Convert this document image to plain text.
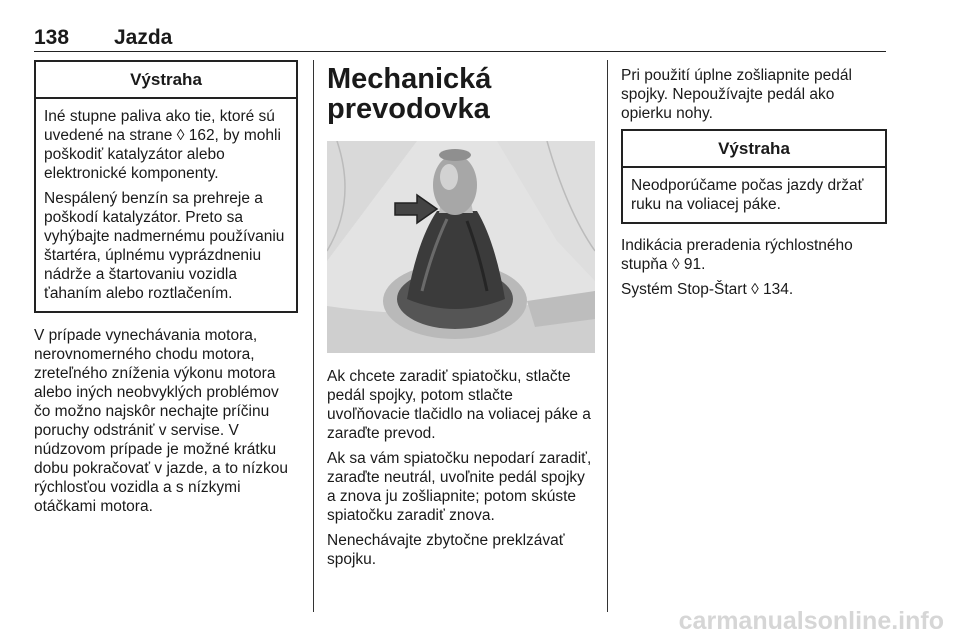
138 Jazda
Výstraha

Iné stupne paliva ako tie, ktoré sú uvedené na strane ◊ 162, by mohli poškodiť katalyzátor alebo elektronické komponenty.

Nespálený benzín sa prehreje a poškodí katalyzátor. Preto sa vyhýbajte nadmernému používaniu štartéra, úplnému vyprázdneniu nádrže a štartovaniu vozidla ťahaním alebo roztlačením.

V prípade vynechávania motora, nerovnomerného chodu motora, zreteľného zníženia výkonu motora alebo iných neobvyklých problémov čo možno najskôr nechajte príčinu poruchy odstrániť v servise. V núdzovom prípade je možné krátku dobu pokračovať v jazde, a to nízkou rýchlosťou vozidla a s nízkymi otáčkami motora.

Mechanická
prevodovka

Ak chcete zaradiť spiatočku, stlačte pedál spojky, potom stlačte uvoľňovacie tlačidlo na voliacej páke a zaraďte prevod.

Ak sa vám spiatočku nepodarí zaradiť, zaraďte neutrál, uvoľnite pedál spojky a znova ju zošliapnite; potom skúste spiatočku zaradiť znova.

Nenechávajte zbytočne preklzávať spojku.

Pri použití úplne zošliapnite pedál spojky. Nepoužívajte pedál ako opierku nohy.

Výstraha

Neodporúčame počas jazdy držať ruku na voliacej páke.

Indikácia preradenia rýchlostného stupňa ◊ 91.

Systém Stop-Štart ◊ 134.

carmanualsonline.info
